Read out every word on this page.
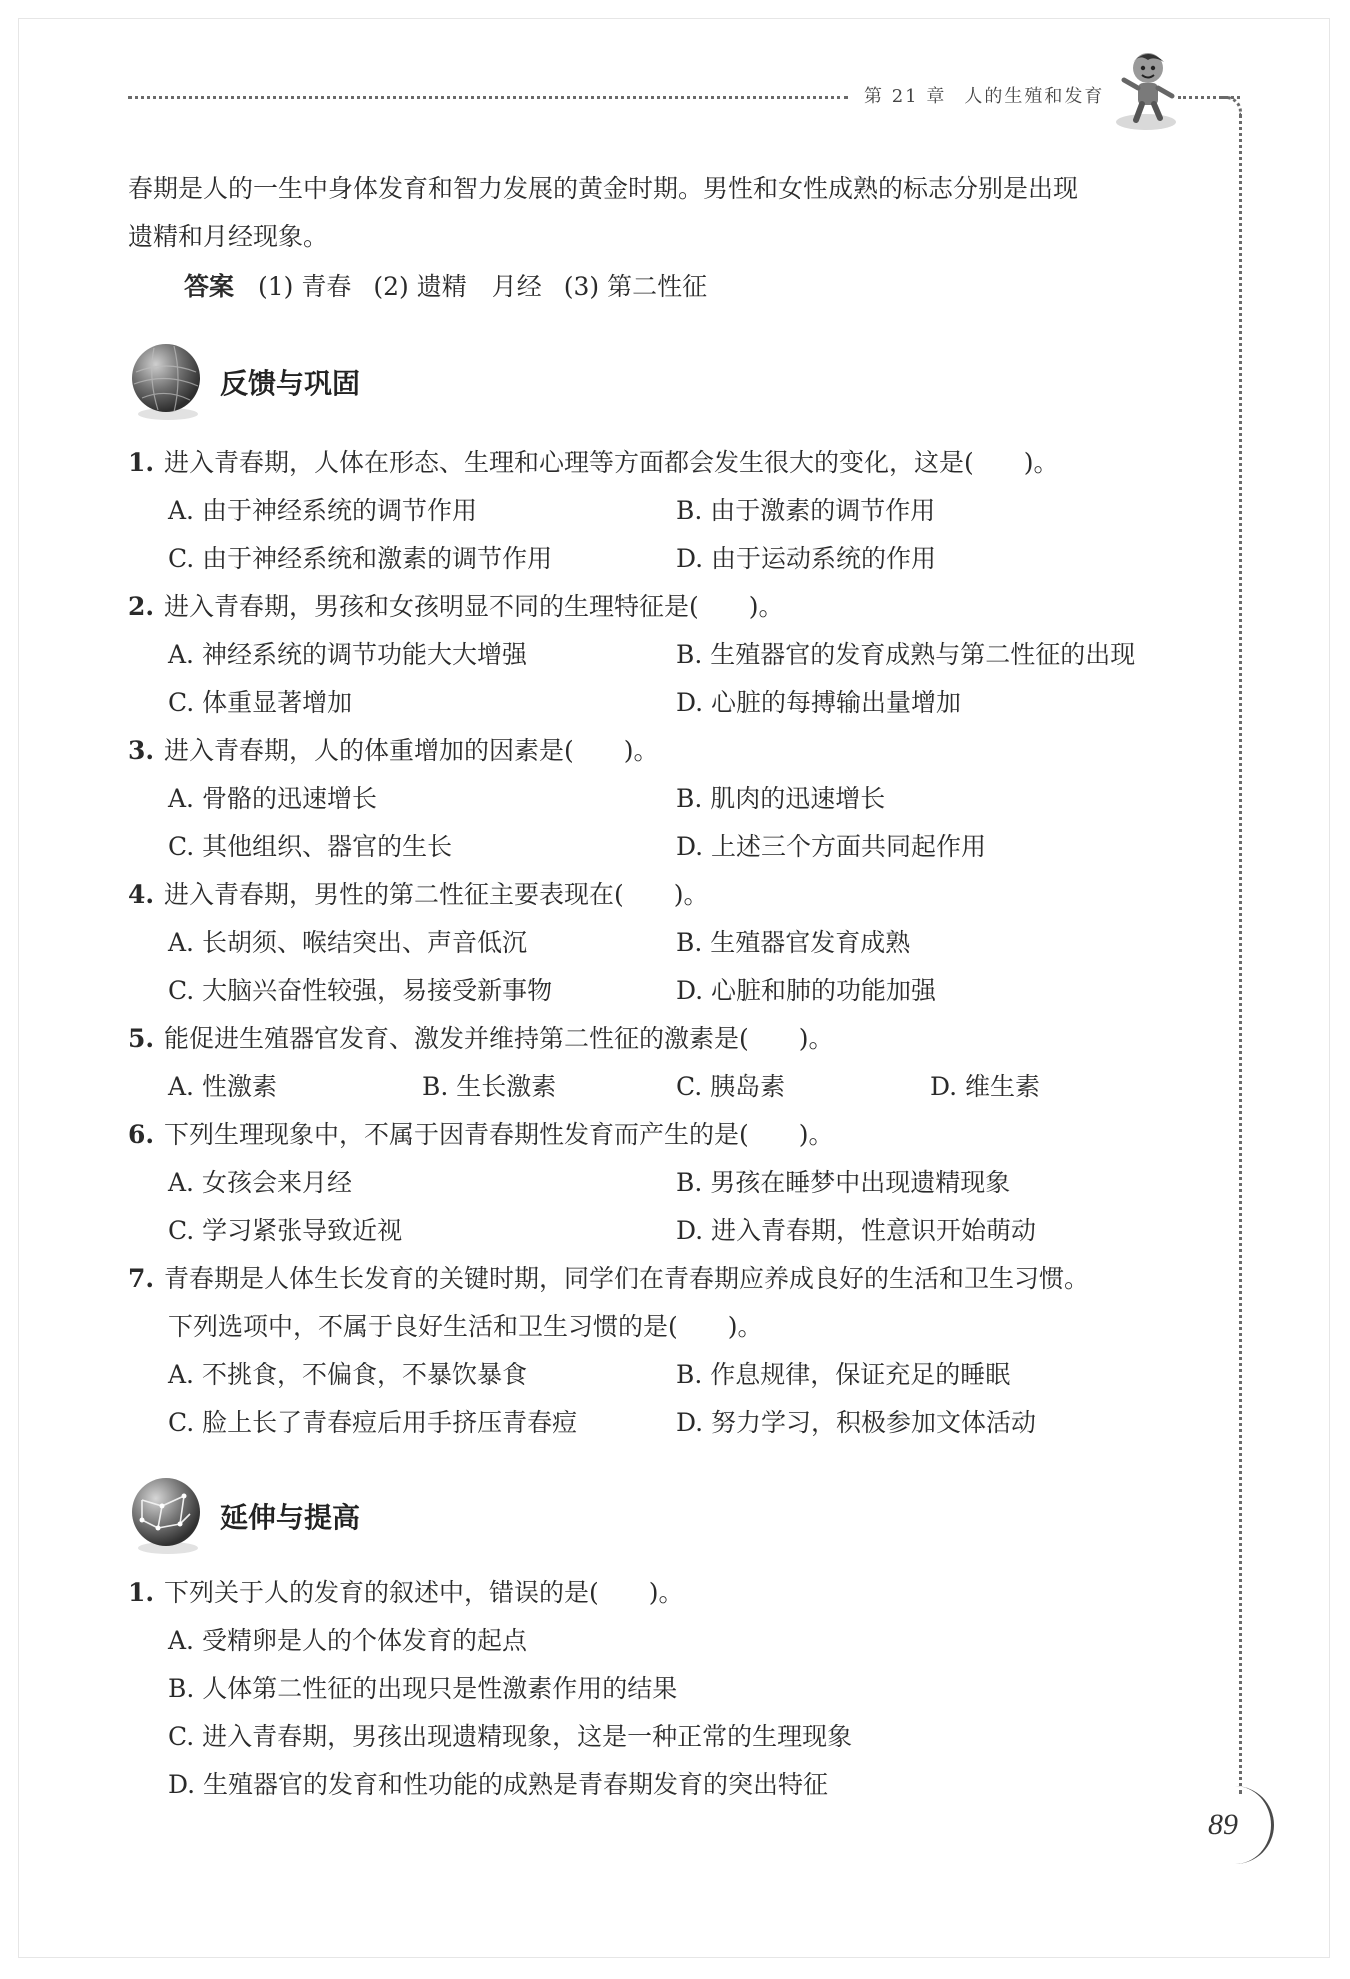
第 21 章 人的生殖和发育
春期是人的一生中身体发育和智力发展的黄金时期。男性和女性成熟的标志分别是出现
遗精和月经现象。
答案 (1) 青春 (2) 遗精　月经 (3) 第二性征
反馈与巩固
1. 进入青春期，人体在形态、生理和心理等方面都会发生很大的变化，这是(　　)。
A. 由于神经系统的调节作用	B. 由于激素的调节作用
C. 由于神经系统和激素的调节作用	D. 由于运动系统的作用
2. 进入青春期，男孩和女孩明显不同的生理特征是(　　)。
A. 神经系统的调节功能大大增强	B. 生殖器官的发育成熟与第二性征的出现
C. 体重显著增加	D. 心脏的每搏输出量增加
3. 进入青春期，人的体重增加的因素是(　　)。
A. 骨骼的迅速增长	B. 肌肉的迅速增长
C. 其他组织、器官的生长	D. 上述三个方面共同起作用
4. 进入青春期，男性的第二性征主要表现在(　　)。
A. 长胡须、喉结突出、声音低沉	B. 生殖器官发育成熟
C. 大脑兴奋性较强，易接受新事物	D. 心脏和肺的功能加强
5. 能促进生殖器官发育、激发并维持第二性征的激素是(　　)。
A. 性激素	B. 生长激素	C. 胰岛素	D. 维生素
6. 下列生理现象中，不属于因青春期性发育而产生的是(　　)。
A. 女孩会来月经	B. 男孩在睡梦中出现遗精现象
C. 学习紧张导致近视	D. 进入青春期，性意识开始萌动
7. 青春期是人体生长发育的关键时期，同学们在青春期应养成良好的生活和卫生习惯。
下列选项中，不属于良好生活和卫生习惯的是(　　)。
A. 不挑食，不偏食，不暴饮暴食	B. 作息规律，保证充足的睡眠
C. 脸上长了青春痘后用手挤压青春痘	D. 努力学习，积极参加文体活动
延伸与提高
1. 下列关于人的发育的叙述中，错误的是(　　)。
A. 受精卵是人的个体发育的起点
B. 人体第二性征的出现只是性激素作用的结果
C. 进入青春期，男孩出现遗精现象，这是一种正常的生理现象
D. 生殖器官的发育和性功能的成熟是青春期发育的突出特征
89
